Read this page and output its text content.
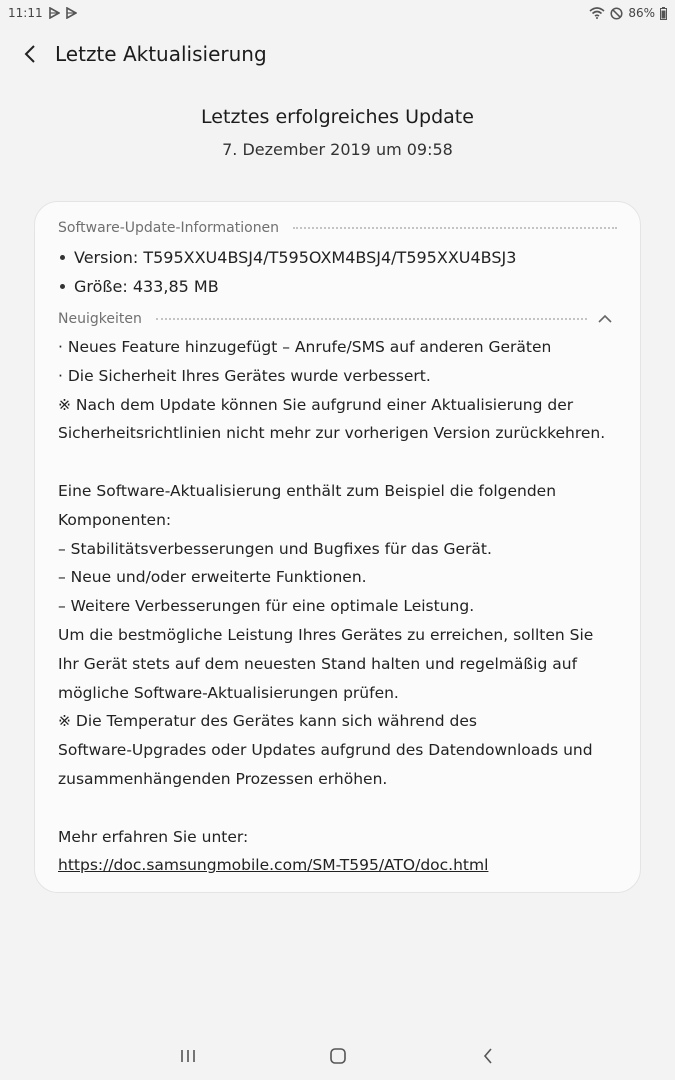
11:11	86%
Letzte Aktualisierung
Letztes erfolgreiches Update
7. Dezember 2019 um 09:58
Software-Update-Informationen
Version: T595XXU4BSJ4/T595OXM4BSJ4/T595XXU4BSJ3
Größe: 433,85 MB
Neuigkeiten
· Neues Feature hinzugefügt – Anrufe/SMS auf anderen Geräten
· Die Sicherheit Ihres Gerätes wurde verbessert.
※ Nach dem Update können Sie aufgrund einer Aktualisierung der
Sicherheitsrichtlinien nicht mehr zur vorherigen Version zurückkehren.
Eine Software-Aktualisierung enthält zum Beispiel die folgenden
Komponenten:
– Stabilitätsverbesserungen und Bugfixes für das Gerät.
– Neue und/oder erweiterte Funktionen.
– Weitere Verbesserungen für eine optimale Leistung.
Um die bestmögliche Leistung Ihres Gerätes zu erreichen, sollten Sie
Ihr Gerät stets auf dem neuesten Stand halten und regelmäßig auf
mögliche Software-Aktualisierungen prüfen.
※ Die Temperatur des Gerätes kann sich während des
Software-Upgrades oder Updates aufgrund des Datendownloads und
zusammenhängenden Prozessen erhöhen.
Mehr erfahren Sie unter:
https://doc.samsungmobile.com/SM-T595/ATO/doc.html
